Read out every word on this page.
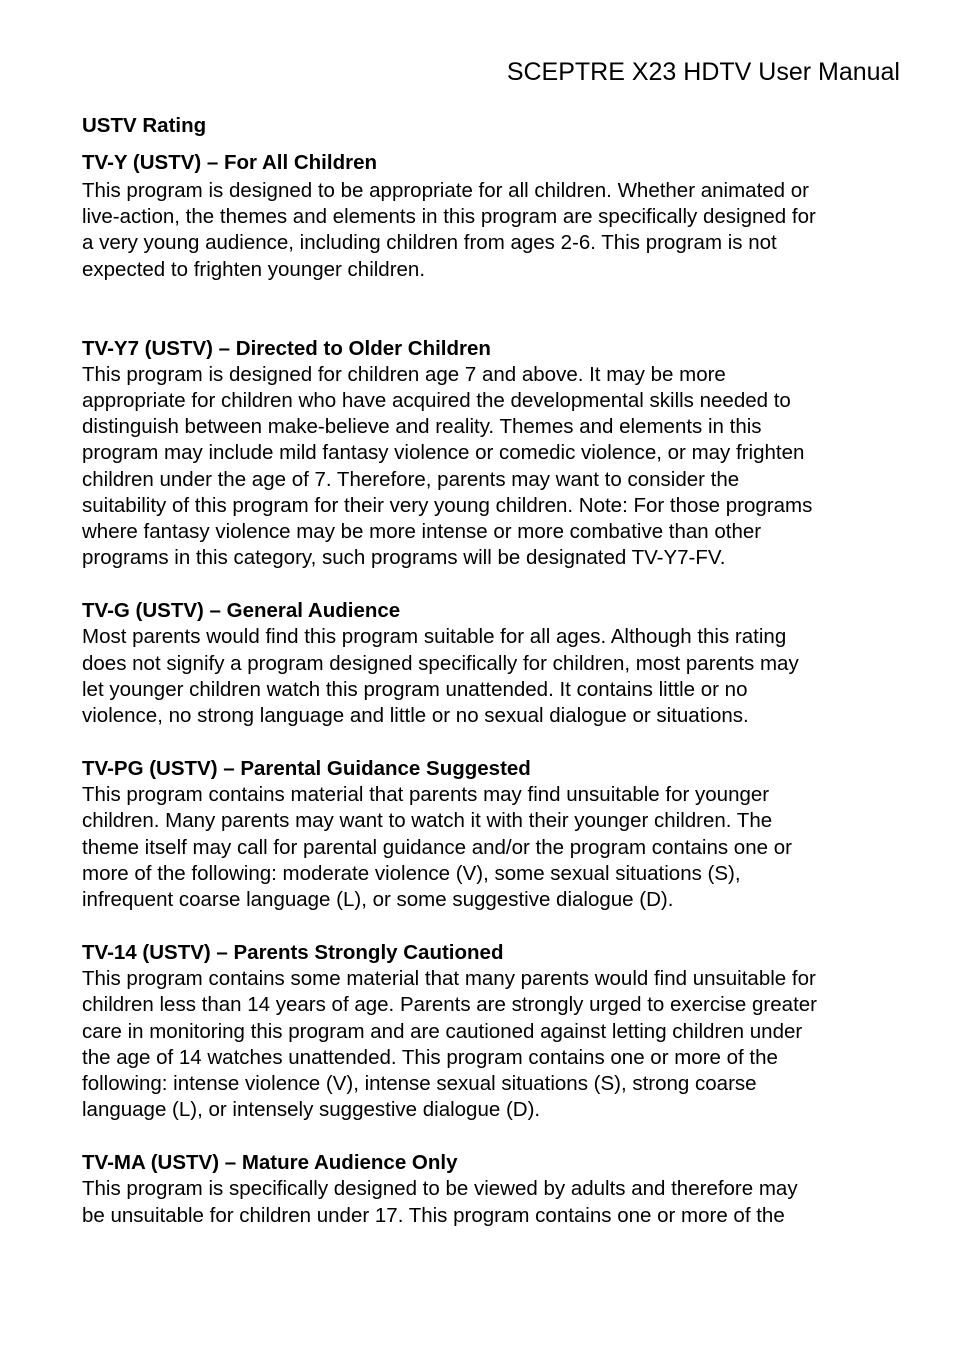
SCEPTRE X23 HDTV User Manual
USTV Rating
TV-Y (USTV) – For All Children
This program is designed to be appropriate for all children. Whether animated or
live-action, the themes and elements in this program are specifically designed for
a very young audience, including children from ages 2-6. This program is not
expected to frighten younger children.
TV-Y7 (USTV) – Directed to Older Children
This program is designed for children age 7 and above. It may be more
appropriate for children who have acquired the developmental skills needed to
distinguish between make-believe and reality. Themes and elements in this
program may include mild fantasy violence or comedic violence, or may frighten
children under the age of 7. Therefore, parents may want to consider the
suitability of this program for their very young children. Note: For those programs
where fantasy violence may be more intense or more combative than other
programs in this category, such programs will be designated TV-Y7-FV.
TV-G (USTV) – General Audience
Most parents would find this program suitable for all ages. Although this rating
does not signify a program designed specifically for children, most parents may
let younger children watch this program unattended. It contains little or no
violence, no strong language and little or no sexual dialogue or situations.
TV-PG (USTV) – Parental Guidance Suggested
This program contains material that parents may find unsuitable for younger
children. Many parents may want to watch it with their younger children. The
theme itself may call for parental guidance and/or the program contains one or
more of the following: moderate violence (V), some sexual situations (S),
infrequent coarse language (L), or some suggestive dialogue (D).
TV-14 (USTV) – Parents Strongly Cautioned
This program contains some material that many parents would find unsuitable for
children less than 14 years of age. Parents are strongly urged to exercise greater
care in monitoring this program and are cautioned against letting children under
the age of 14 watches unattended. This program contains one or more of the
following: intense violence (V), intense sexual situations (S), strong coarse
language (L), or intensely suggestive dialogue (D).
TV-MA (USTV) – Mature Audience Only
This program is specifically designed to be viewed by adults and therefore may
be unsuitable for children under 17. This program contains one or more of the
